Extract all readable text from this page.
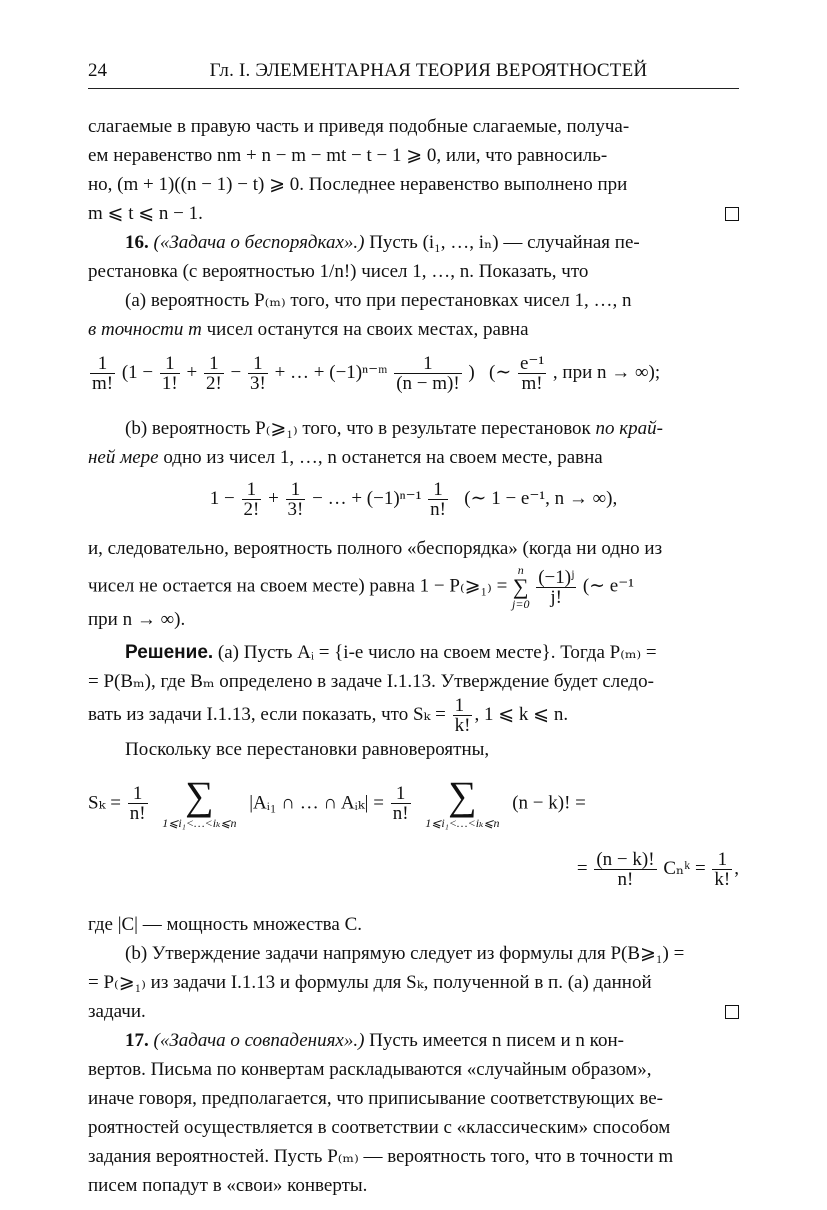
24	Гл. I. ЭЛЕМЕНТАРНАЯ ТЕОРИЯ ВЕРОЯТНОСТЕЙ

слагаемые в правую часть и приведя подобные слагаемые, получа-

ем неравенство nm + n − m − mt − t − 1 ⩾ 0, или, что равносиль-

но, (m + 1)((n − 1) − t) ⩾ 0. Последнее неравенство выполнено при

m ⩽ t ⩽ n − 1.

16. («Задача о беспорядках».) Пусть (i₁, …, iₙ) — случайная пе-

рестановка (с вероятностью 1/n!) чисел 1, …, n. Показать, что

(a) вероятность P₍ₘ₎ того, что при перестановках чисел 1, …, n

в точности m чисел останутся на своих местах, равна

$\frac{1}{m!} (1 - \frac{1}{1!} + \frac{1}{2!} - \frac{1}{3!}$ + … + (−1)ⁿ⁻ᵐ $\frac{1}{(n - m)!}$ ) (∼ $\frac{\text{e⁻¹}}{m!}$ , при n → ∞);

(b) вероятность P₍⩾₁₎ того, что в результате перестановок по край-

ней мере одно из чисел 1, …, n останется на своем месте, равна

$1 - \frac{1}{2!} + \frac{1}{3!}$ − … + $(-1)^{n-1} \frac{1}{n!}$ (∼ 1 − e⁻¹, n → ∞),

и, следовательно, вероятность полного «беспорядка» (когда ни одно из

чисел не остается на своем месте) равна 1 − P₍⩾₁₎ =
n
∑
j=0
$\frac{\text{(−1)ʲ}}{j!}$ (∼ e⁻¹

при n → ∞).

Решение. (a) Пусть Aᵢ = {i-е число на своем месте}. Тогда P₍ₘ₎ =

= P(Bₘ), где Bₘ определено в задаче I.1.13. Утверждение будет следо-

вать из задачи I.1.13, если показать, что $S_k = \frac{1}{k!}$ , 1 ⩽ k ⩽ n.

Поскольку все перестановки равновероятны,

$S_k = \frac{1}{n!}$
∑
1⩽i₁<…<iₖ⩽n
|Aᵢ₁ ∩ … ∩ Aᵢₖ| = $\frac{1}{n!}$
∑
1⩽i₁<…<iₖ⩽n
(n − k)! =
= $\frac{(n - k)!}{n!}$ Cₙᵏ = $\frac{1}{k!}$ ,

где |C| — мощность множества C.

(b) Утверждение задачи напрямую следует из формулы для P(B⩾₁) =

= P₍⩾₁₎ из задачи I.1.13 и формулы для Sₖ, полученной в п. (a) данной

задачи.

17. («Задача о совпадениях».) Пусть имеется n писем и n кон-

вертов. Письма по конвертам раскладываются «случайным образом»,

иначе говоря, предполагается, что приписывание соответствующих ве-

роятностей осуществляется в соответствии с «классическим» способом

задания вероятностей. Пусть P₍ₘ₎ — вероятность того, что в точности m

писем попадут в «свои» конверты.
